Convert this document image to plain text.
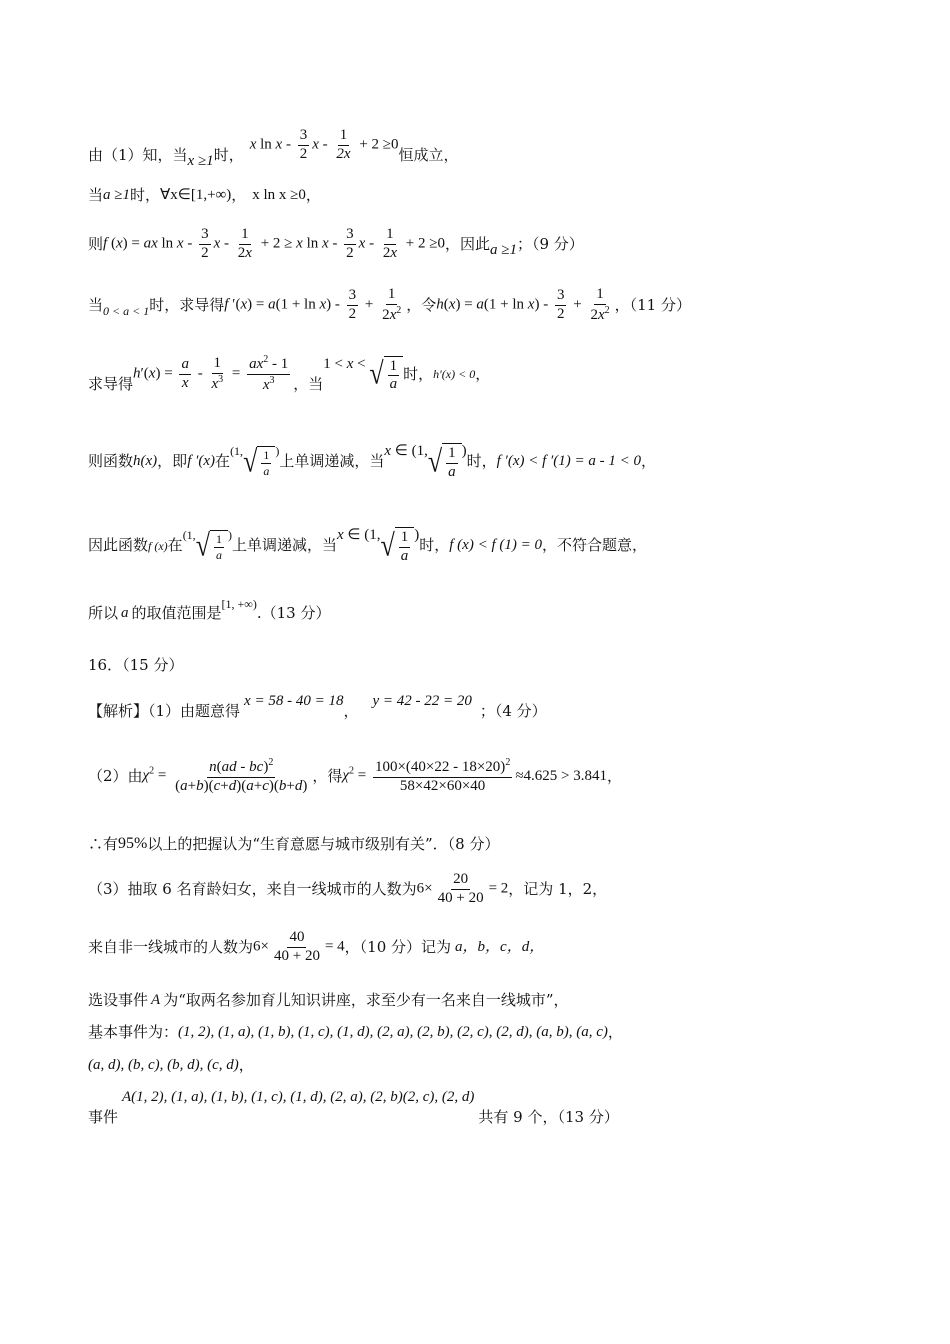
由（1）知，当 x ≥1 时，
x ln x - $\frac{3}{2}$ $x - \frac{1}{2x} + 2 \ge 0$
恒成立，
当 a ≥1 时， ∀x∈[1,+∞) ， x ln x ≥0 ，
则 f (x) = ax ln x - $\frac{3}{2}$ $x - \frac{1}{2x} + 2 \ge x$ ln x - $\frac{3}{2}$ $x - \frac{1}{2x} + 2 \ge 0$ ，因此 a ≥1 ；（9 分）
当 0 < a < 1 时，求导得 f $'(x) = a(1 + \ln x) - \frac{3}{2} + \frac{1}{2x^2}$ ，令 $h(x) = a(1 + \ln x) - \frac{3}{2} + \frac{1}{2x^2}$ ，（11 分）
求导得
$h'(x) = \frac{a}{x} - \frac{1}{x^3} = \frac{ax^2 - 1}{x^3}$ ，当
1 < x < √ $\frac{1}{a}$ 时， h′(x) < 0 ，
则函数 h(x) ，即 f ′(x) 在
(1, √ $\frac{1}{a}$ )
上单调递减，当
x ∈ (1, √ $\frac{1}{a}$ )
时， f ′(x) < f ′(1) = a - 1 < 0 ，
因此函数 f (x) 在
(1, √ $\frac{1}{a}$ )
上单调递减，当
x ∈ (1, √ $\frac{1}{a}$ )
时， f (x) < f (1) = 0 ，不符合题意，
所以 a 的取值范围是
[1, +∞)
.（13 分）
16．（15 分）
【解析】（1）由题意得
x = 58 - 40 = 18
，
y = 42 - 22 = 20
；（4 分）
（2）由 $\chi^2 = \frac{n(ad - bc)^2}{(a+b)(c+d)(a+c)(b+d)}$ ，得 $\chi^2 = \frac{100\times(40\times 22 - 18\times 20)^2}{58\times 42\times 60\times 40} \approx 4.625 > 3.841$ ，
∴有 95% 以上的把握认为“生育意愿与城市级别有关”．（8 分）
（3）抽取 6 名育龄妇女，来自一线城市的人数为 $6\times \frac{20}{40 + 20} = 2$ ，记为 1，2，
来自非一线城市的人数为 $6\times \frac{40}{40 + 20} = 4$ ，（10 分）记为 a，b，c，d，
选设事件 A 为“取两名参加育儿知识讲座，求至少有一名来自一线城市”，
基本事件为： (1, 2), (1, a), (1, b), (1, c), (1, d), (2, a), (2, b), (2, c), (2, d), (a, b), (a, c) ，
(a, d), (b, c), (b, d), (c, d) ，
事件
A(1, 2), (1, a), (1, b), (1, c), (1, d), (2, a), (2, b)(2, c), (2, d)
共有 9 个，（13 分）
